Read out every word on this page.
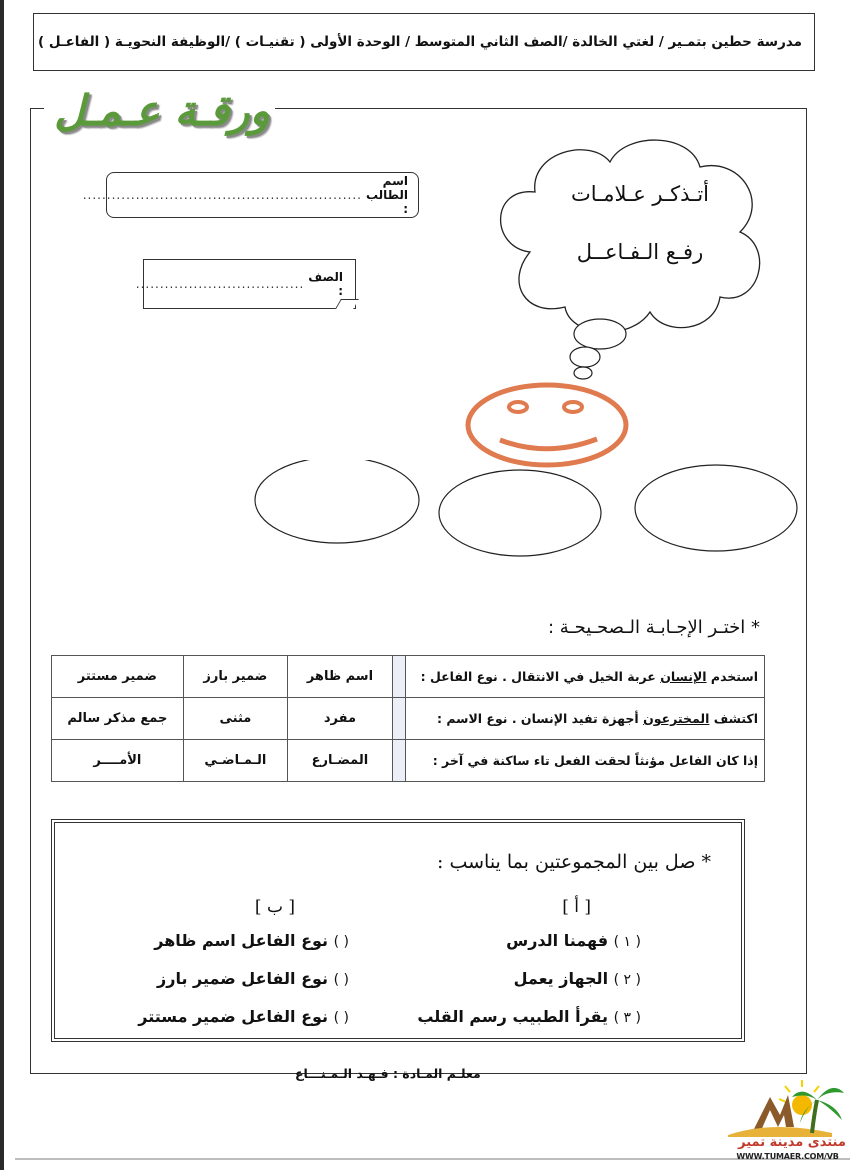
مدرسة حطين بتمـير / لغتي الخالدة /الصف الثاني المتوسط / الوحدة الأولى ( تقنيـات ) /الوظيفة النحويـة ( الفاعـل )
ورقـة عـمـل
اسم الطالب :
..........................................................
الصف :
...................................
أتـذكـر عـلامـات
رفـع الـفـاعــل
* اختـر الإجـابـة الـصحـيحـة :
استخدم الإنسان عربة الخيل في الانتقال . نوع الفاعل :		اسم ظاهر	ضمير بارز	ضمير مستتر
اكتشف المخترعون أجهزة تفيد الإنسان . نوع الاسم :		مفرد	مثنى	جمع مذكر سالم
إذا كان الفاعل مؤنثاً لحقت الفعل تاء ساكنة في آخر :		المضـارع	الـمـاضـي	الأمــــر
* صل بين المجموعتين بما يناسب :
[ أ ]
[ ب ]
( ١ ) فهمنا الدرس
( ٢ ) الجهاز يعمل
( ٣ ) يقرأ الطبيب رسم القلب
( ) نوع الفاعل اسم ظاهر
( ) نوع الفاعل ضمير بارز
( ) نوع الفاعل ضمير مستتر
معلـم المـادة : فـهـد الـمـنـــاع
منتدى مدينة تمير
WWW.TUMAER.COM/VB
